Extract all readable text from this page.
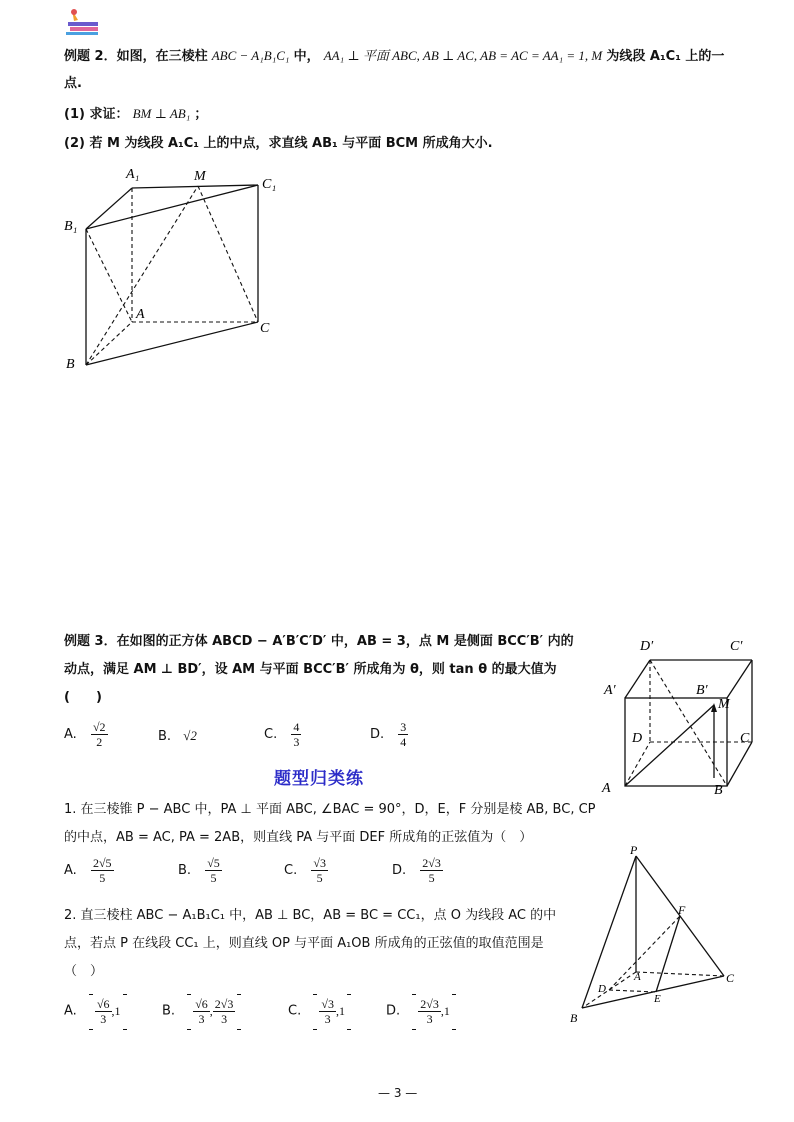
例题 2．如图，在三棱柱 ABC − A₁B₁C₁ 中， AA₁ ⊥ 平面 ABC, AB ⊥ AC, AB = AC = AA₁ = 1, M 为线段 A₁C₁ 上的一
点.
(1) 求证： BM ⊥ AB₁ ；
(2) 若 M 为线段 A₁C₁ 上的中点，求直线 AB₁ 与平面 BCM 所成角大小.
A₁	M
C₁
B₁
A
C
B
例题 3．在如图的正方体 ABCD − A′B′C′D′ 中，AB = 3，点 M 是侧面 BCC′B′ 内的
动点，满足 AM ⊥ BD′，设 AM 与平面 BCC′B′ 所成角为 θ，则 tan θ 的最大值为
(　　)
A. $\frac{√2}{2}$	B. √2	C. $\frac{4}{3}$	D. $\frac{3}{4}$
D′	C′
A′	B′
M
D	C
A	B
题型归类练
1. 在三棱锥 P − ABC 中，PA ⊥ 平面 ABC, ∠BAC = 90°，D，E，F 分别是棱 AB, BC, CP
的中点，AB = AC, PA = 2AB，则直线 PA 与平面 DEF 所成角的正弦值为（　）
A. $\frac{2√5}{5}$	B. $\frac{√5}{5}$	C. $\frac{√3}{5}$	D. $\frac{2√3}{5}$
P
F
A	C
D
E
B
2. 直三棱柱 ABC − A₁B₁C₁ 中，AB ⊥ BC，AB = BC = CC₁，点 O 为线段 AC 的中
点，若点 P 在线段 CC₁ 上，则直线 OP 与平面 A₁OB 所成角的正弦值的取值范围是
（　）
A. $\frac{√6}{3} ,1$	B. $\frac{√6}{3}$ , $\frac{2√3}{3}$	C. $\frac{√3}{3} ,1$	D. $\frac{2√3}{3} ,1$
— 3 —
